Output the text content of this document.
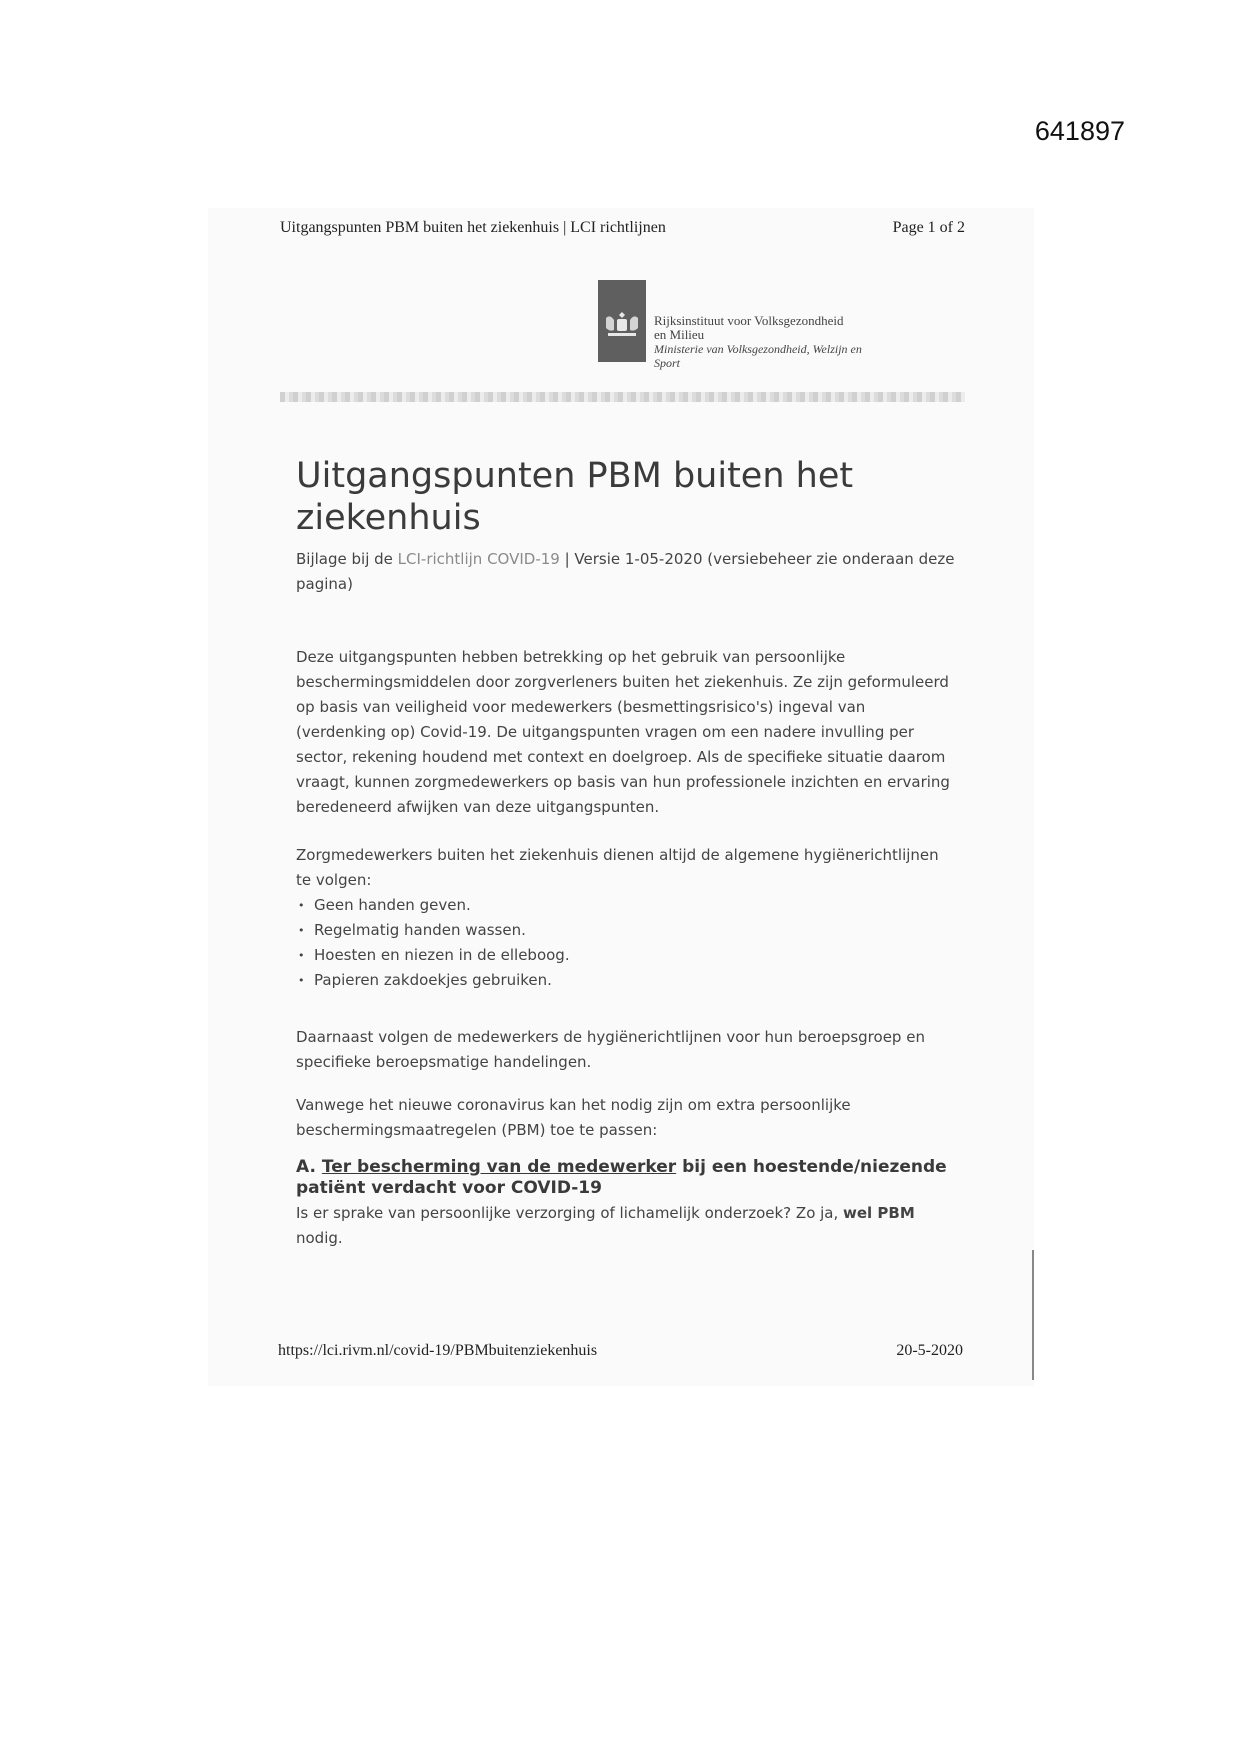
641897
Uitgangspunten PBM buiten het ziekenhuis | LCI richtlijnen	Page 1 of 2
Rijksinstituut voor Volksgezondheid
en Milieu
Ministerie van Volksgezondheid, Welzijn en
Sport
Uitgangspunten PBM buiten het ziekenhuis
Bijlage bij de LCI-richtlijn COVID-19 | Versie 1-05-2020 (versiebeheer zie onderaan deze pagina)

Deze uitgangspunten hebben betrekking op het gebruik van persoonlijke beschermingsmiddelen door zorgverleners buiten het ziekenhuis. Ze zijn geformuleerd op basis van veiligheid voor medewerkers (besmettingsrisico's) ingeval van (verdenking op) Covid-19. De uitgangspunten vragen om een nadere invulling per sector, rekening houdend met context en doelgroep. Als de specifieke situatie daarom vraagt, kunnen zorgmedewerkers op basis van hun professionele inzichten en ervaring beredeneerd afwijken van deze uitgangspunten.

Zorgmedewerkers buiten het ziekenhuis dienen altijd de algemene hygiënerichtlijnen te volgen:

• Geen handen geven.
• Regelmatig handen wassen.
• Hoesten en niezen in de elleboog.
• Papieren zakdoekjes gebruiken.

Daarnaast volgen de medewerkers de hygiënerichtlijnen voor hun beroepsgroep en specifieke beroepsmatige handelingen.

Vanwege het nieuwe coronavirus kan het nodig zijn om extra persoonlijke beschermingsmaatregelen (PBM) toe te passen:

A. Ter bescherming van de medewerker bij een hoestende/niezende patiënt verdacht voor COVID-19

Is er sprake van persoonlijke verzorging of lichamelijk onderzoek? Zo ja, wel PBM nodig.

https://lci.rivm.nl/covid-19/PBMbuitenziekenhuis	20-5-2020
